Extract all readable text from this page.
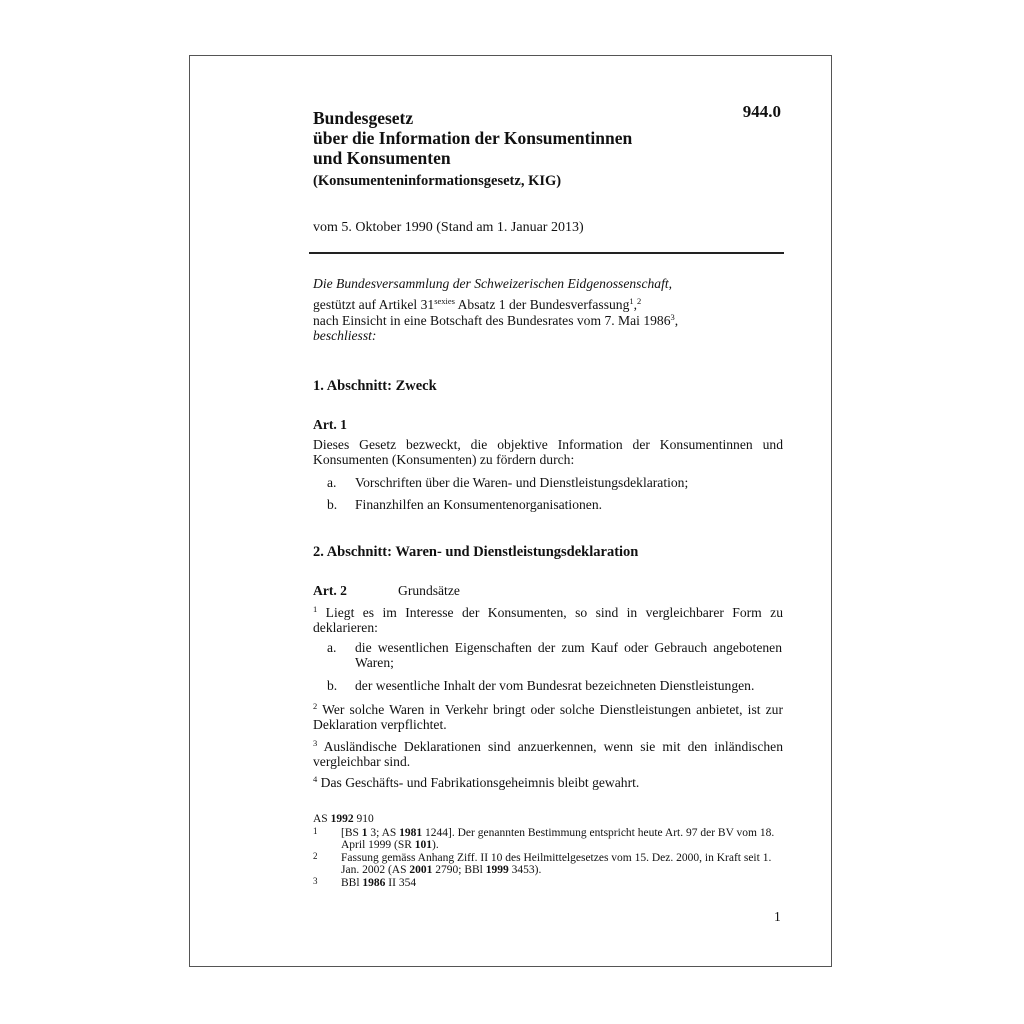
944.0
Bundesgesetz
über die Information der Konsumentinnen
und Konsumenten
(Konsumenteninformationsgesetz, KIG)
vom 5. Oktober 1990 (Stand am 1. Januar 2013)
Die Bundesversammlung der Schweizerischen Eidgenossenschaft,
gestützt auf Artikel $31^{sexies}$ Absatz 1 der Bundesverfassung$^1$,$^2$
nach Einsicht in eine Botschaft des Bundesrates vom 7. Mai 1986$^3$,
beschliesst:
1. Abschnitt: Zweck
Art. 1
Dieses Gesetz bezweckt, die objektive Information der Konsumentinnen und Konsumenten (Konsumenten) zu fördern durch:
a. Vorschriften über die Waren- und Dienstleistungsdeklaration;
b. Finanzhilfen an Konsumentenorganisationen.
2. Abschnitt: Waren- und Dienstleistungsdeklaration
Art. 2	Grundsätze
$^1$ Liegt es im Interesse der Konsumenten, so sind in vergleichbarer Form zu deklarieren:
a. die wesentlichen Eigenschaften der zum Kauf oder Gebrauch angebotenen Waren;
b. der wesentliche Inhalt der vom Bundesrat bezeichneten Dienstleistungen.
$^2$ Wer solche Waren in Verkehr bringt oder solche Dienstleistungen anbietet, ist zur Deklaration verpflichtet.
$^3$ Ausländische Deklarationen sind anzuerkennen, wenn sie mit den inländischen vergleichbar sind.
$^4$ Das Geschäfts- und Fabrikationsgeheimnis bleibt gewahrt.
AS 1992 910
1 [BS 1 3; AS 1981 1244]. Der genannten Bestimmung entspricht heute Art. 97 der BV vom 18. April 1999 (SR 101).
2 Fassung gemäss Anhang Ziff. II 10 des Heilmittelgesetzes vom 15. Dez. 2000, in Kraft seit 1. Jan. 2002 (AS 2001 2790; BBl 1999 3453).
3 BBl 1986 II 354
1
